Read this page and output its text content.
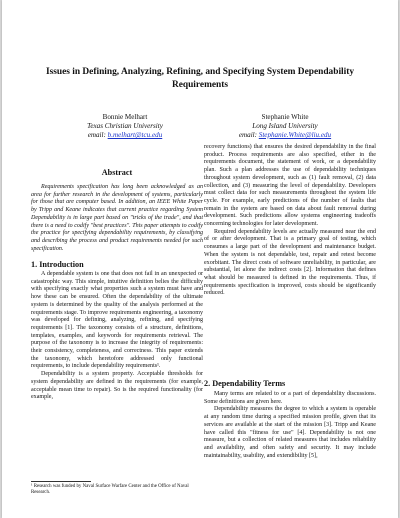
Issues in Defining, Analyzing, Refining, and Specifying System Dependability Requirements
Bonnie Melhart
Texas Christian University
email: b.melhart@tcu.edu
Stephanie White
Long Island University
email: Stephanie.White@liu.edu
Abstract

Requirements specification has long been acknowledged as an area for further research in the development of systems, particularly for those that are computer based. In addition, an IEEE White Paper by Tripp and Keane indicates that current practice regarding System Dependability is in large part based on "tricks of the trade", and that there is a need to codify "best practices". This paper attempts to codify the practice for specifying dependability requirements, by classifying and describing the process and product requirements needed for such specification.

1. Introduction

A dependable system is one that does not fail in an unexpected or catastrophic way. This simple, intuitive definition belies the difficulty with specifying exactly what properties such a system must have and how these can be ensured. Often the dependability of the ultimate system is determined by the quality of the analysis performed at the requirements stage. To improve requirements engineering, a taxonomy was developed for defining, analyzing, refining, and specifying requirements [1]. The taxonomy consists of a structure, definitions, templates, examples, and keywords for requirements retrieval. The purpose of the taxonomy is to increase the integrity of requirements: their consistency, completeness, and correctness. This paper extends the taxonomy, which heretofore addressed only functional requirements, to include dependability requirements¹.

Dependability is a system property. Acceptable thresholds for system dependability are defined in the requirements (for example, acceptable mean time to repair). So is the required functionality (for example,

¹ Research was funded by Naval Surface Warfare Center and the Office of Naval Research.

recovery functions) that ensures the desired dependability in the final product. Process requirements are also specified, either in the requirements document, the statement of work, or a dependability plan. Such a plan addresses the use of dependability techniques throughout system development, such as (1) fault removal, (2) data collection, and (3) measuring the level of dependability. Developers must collect data for such measurements throughout the system life cycle. For example, early predictions of the number of faults that remain in the system are based on data about fault removal during development. Such predictions allow systems engineering tradeoffs concerning technologies for later development.

Required dependability levels are actually measured near the end of or after development. That is a primary goal of testing, which consumes a large part of the development and maintenance budget. When the system is not dependable, test, repair and retest become exorbitant. The direct costs of software unreliability, in particular, are substantial, let alone the indirect costs [2]. Information that defines what should be measured is defined in the requirements. Thus, if requirements specification is improved, costs should be significantly reduced.

2. Dependability Terms

Many terms are related to or a part of dependability discussions. Some definitions are given here.

Dependability measures the degree to which a system is operable at any random time during a specified mission profile, given that its services are available at the start of the mission [3]. Tripp and Keane have called this "fitness for use" [4]. Dependability is not one measure, but a collection of related measures that includes reliability and availability, and often safety and security. It may include maintainability, usability, and extendibility [5],
